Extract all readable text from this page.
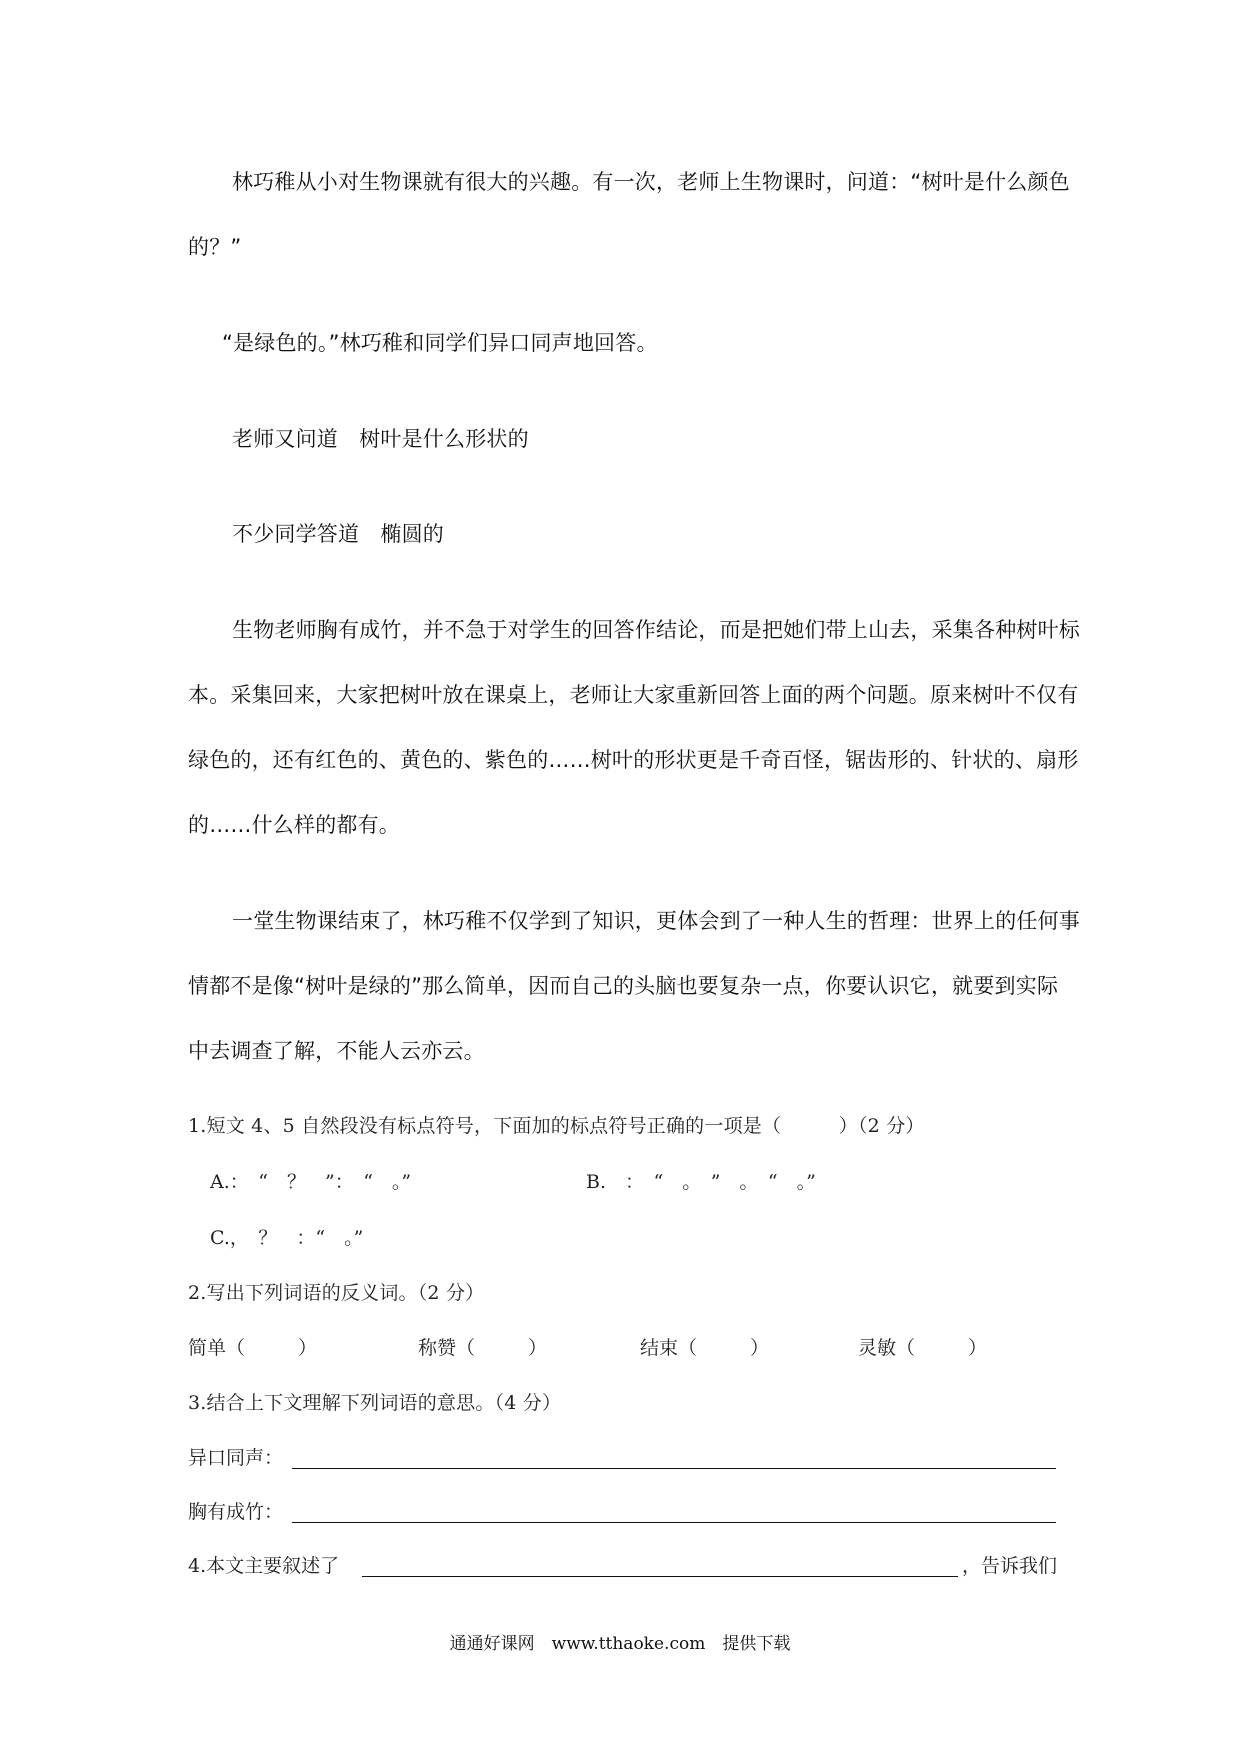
林巧稚从小对生物课就有很大的兴趣。有一次，老师上生物课时，问道：“树叶是什么颜色
的？”
“是绿色的。”林巧稚和同学们异口同声地回答。
老师又问道　树叶是什么形状的
不少同学答道　椭圆的
生物老师胸有成竹，并不急于对学生的回答作结论，而是把她们带上山去，采集各种树叶标
本。采集回来，大家把树叶放在课桌上，老师让大家重新回答上面的两个问题。原来树叶不仅有
绿色的，还有红色的、黄色的、紫色的……树叶的形状更是千奇百怪，锯齿形的、针状的、扇形
的……什么样的都有。
一堂生物课结束了，林巧稚不仅学到了知识，更体会到了一种人生的哲理：世界上的任何事
情都不是像“树叶是绿的”那么简单，因而自己的头脑也要复杂一点，你要认识它，就要到实际
中去调查了解，不能人云亦云。
1.短文 4、5 自然段没有标点符号，下面加的标点符号正确的一项是（　　　）（2 分）
A.：　“　？　”：　“　。”	B.　：　“　。　”　。　“　。”
C.，　？　：“　。”
2.写出下列词语的反义词。（2 分）
简单（	）	称赞（	）	结束（	）	灵敏（	）
3.结合上下文理解下列词语的意思。（4 分）
异口同声：
胸有成竹：
4.本文主要叙述了	，告诉我们
通通好课网　www.tthaoke.com　提供下载
